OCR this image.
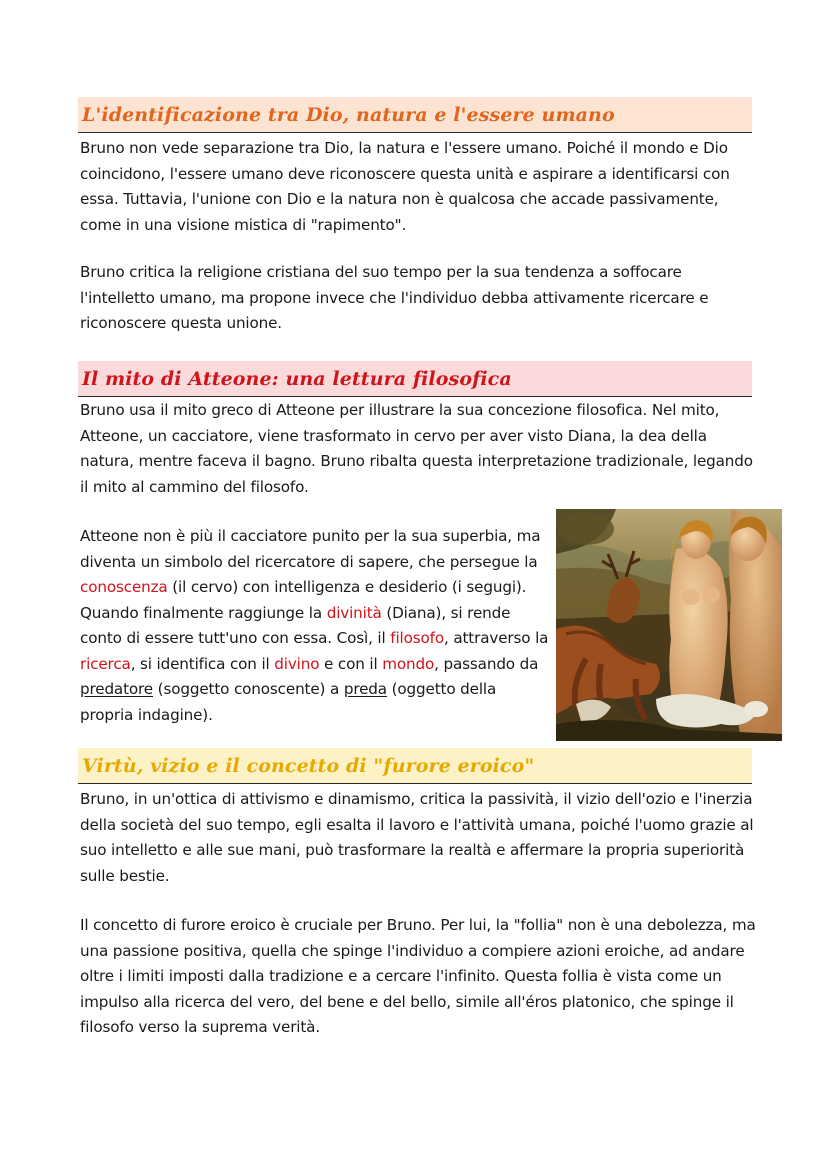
L'identificazione tra Dio, natura e l'essere umano

Bruno non vede separazione tra Dio, la natura e l'essere umano. Poiché il mondo e Dio coincidono, l'essere umano deve riconoscere questa unità e aspirare a identificarsi con essa. Tuttavia, l'unione con Dio e la natura non è qualcosa che accade passivamente, come in una visione mistica di "rapimento".

Bruno critica la religione cristiana del suo tempo per la sua tendenza a soffocare l'intelletto umano, ma propone invece che l'individuo debba attivamente ricercare e riconoscere questa unione.

Il mito di Atteone: una lettura filosofica

Bruno usa il mito greco di Atteone per illustrare la sua concezione filosofica. Nel mito, Atteone, un cacciatore, viene trasformato in cervo per aver visto Diana, la dea della natura, mentre faceva il bagno. Bruno ribalta questa interpretazione tradizionale, legando il mito al cammino del filosofo.

Atteone non è più il cacciatore punito per la sua superbia, ma diventa un simbolo del ricercatore di sapere, che persegue la conoscenza (il cervo) con intelligenza e desiderio (i segugi). Quando finalmente raggiunge la divinità (Diana), si rende conto di essere tutt'uno con essa. Così, il filosofo, attraverso la ricerca, si identifica con il divino e con il mondo, passando da predatore (soggetto conoscente) a preda (oggetto della propria indagine).

Virtù, vizio e il concetto di "furore eroico"

Bruno, in un'ottica di attivismo e dinamismo, critica la passività, il vizio dell'ozio e l'inerzia della società del suo tempo, egli esalta il lavoro e l'attività umana, poiché l'uomo grazie al suo intelletto e alle sue mani, può trasformare la realtà e affermare la propria superiorità sulle bestie.

Il concetto di furore eroico è cruciale per Bruno. Per lui, la "follia" non è una debolezza, ma una passione positiva, quella che spinge l'individuo a compiere azioni eroiche, ad andare oltre i limiti imposti dalla tradizione e a cercare l'infinito. Questa follia è vista come un impulso alla ricerca del vero, del bene e del bello, simile all'éros platonico, che spinge il filosofo verso la suprema verità.
